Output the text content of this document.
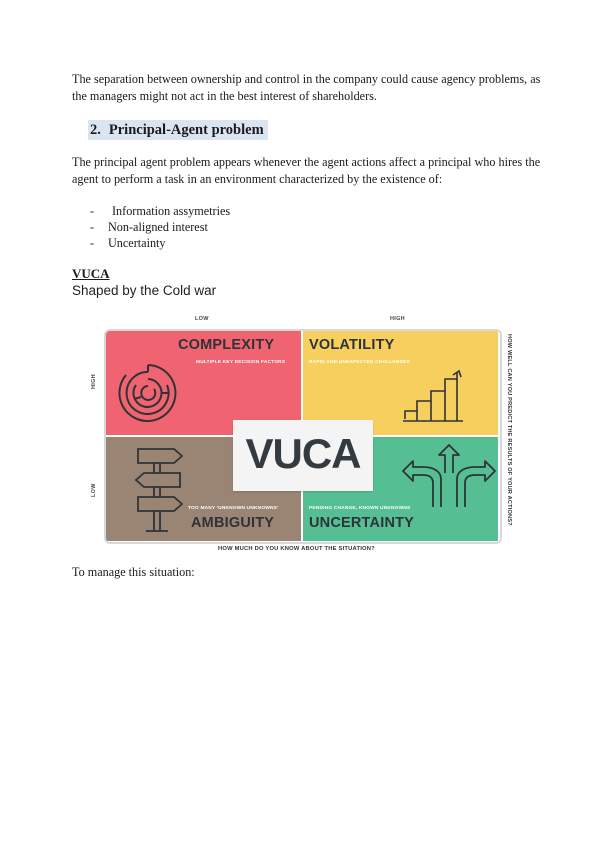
The separation between ownership and control in the company could cause agency problems, as the managers might not act in the best interest of shareholders.

2. Principal-Agent problem

The principal agent problem appears whenever the agent actions affect a principal who hires the agent to perform a task in an environment characterized by the existence of:

- Information assymetries
- Non-aligned interest
- Uncertainty
VUCA
Shaped by the Cold war
LOW	HIGH
HIGH
LOW	HOW WELL CAN YOU PREDICT THE RESULTS OF YOUR ACTIONS?
HOW MUCH DO YOU KNOW ABOUT THE SITUATION?
COMPLEXITY
MULTIPLE KEY DECISION FACTORS
VOLATILITY
RAPID AND UNEXPECTED CHALLENGES
TOO MANY 'UNKNOWN UNKNOWNS'
AMBIGUITY
PENDING CHANGE, KNOWN UNKNOWNS
UNCERTAINTY
VUCA
To manage this situation:
